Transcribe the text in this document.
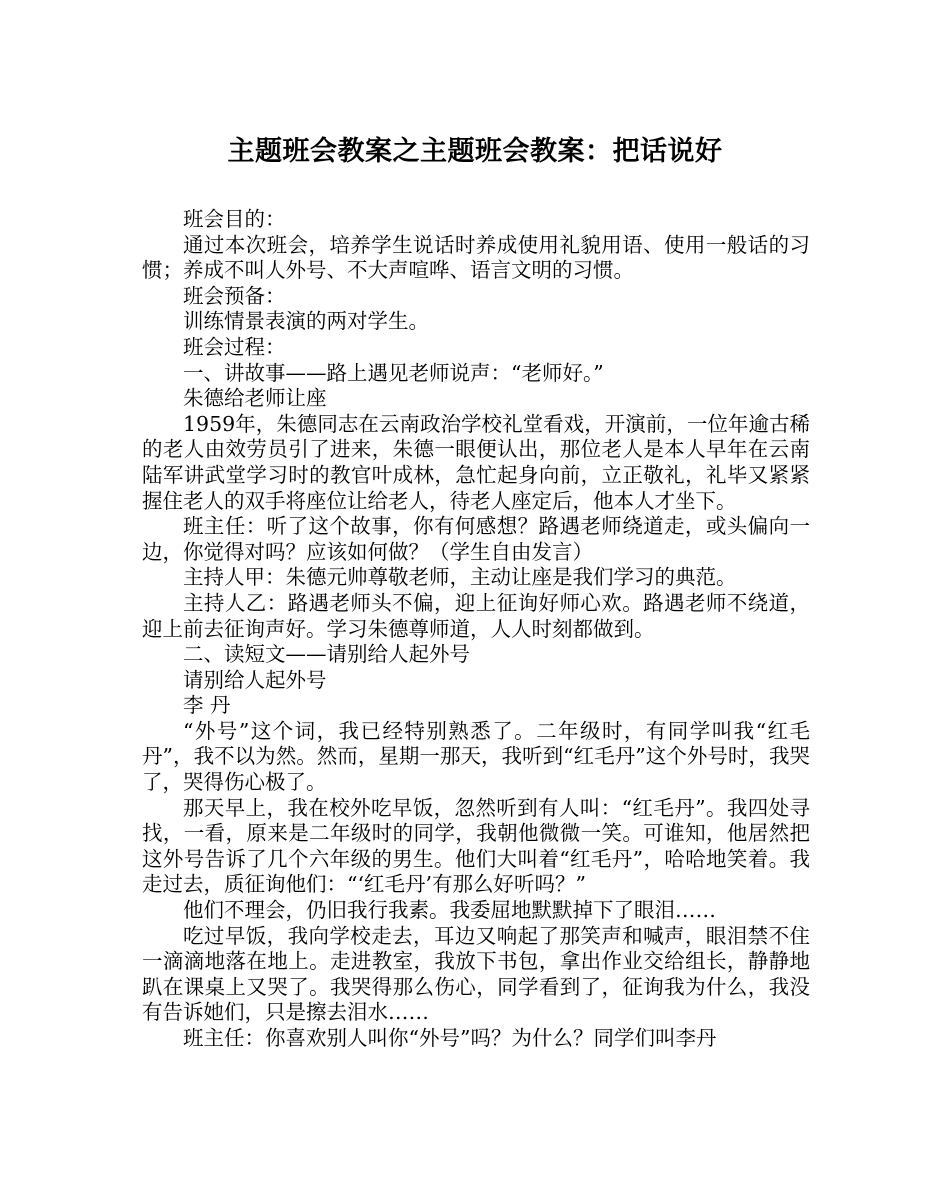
主题班会教案之主题班会教案：把话说好

班会目的：

通过本次班会，培养学生说话时养成使用礼貌用语、使用一般话的习惯；养成不叫人外号、不大声喧哗、语言文明的习惯。

班会预备：

训练情景表演的两对学生。

班会过程：

一、讲故事——路上遇见老师说声：“老师好。”

朱德给老师让座

1959年，朱德同志在云南政治学校礼堂看戏，开演前，一位年逾古稀的老人由效劳员引了进来，朱德一眼便认出，那位老人是本人早年在云南陆军讲武堂学习时的教官叶成林，急忙起身向前，立正敬礼，礼毕又紧紧握住老人的双手将座位让给老人，待老人座定后，他本人才坐下。

班主任：听了这个故事，你有何感想？路遇老师绕道走，或头偏向一边，你觉得对吗？应该如何做？（学生自由发言）

主持人甲：朱德元帅尊敬老师，主动让座是我们学习的典范。

主持人乙：路遇老师头不偏，迎上征询好师心欢。路遇老师不绕道，迎上前去征询声好。学习朱德尊师道，人人时刻都做到。

二、读短文——请别给人起外号

请别给人起外号

李 丹

“外号”这个词，我已经特别熟悉了。二年级时，有同学叫我“红毛丹”，我不以为然。然而，星期一那天，我听到“红毛丹”这个外号时，我哭了，哭得伤心极了。

那天早上，我在校外吃早饭，忽然听到有人叫：“红毛丹”。我四处寻找，一看，原来是二年级时的同学，我朝他微微一笑。可谁知，他居然把这外号告诉了几个六年级的男生。他们大叫着“红毛丹”，哈哈地笑着。我走过去，质征询他们：“‘红毛丹’有那么好听吗？”

他们不理会，仍旧我行我素。我委屈地默默掉下了眼泪……

吃过早饭，我向学校走去，耳边又响起了那笑声和喊声，眼泪禁不住一滴滴地落在地上。走进教室，我放下书包，拿出作业交给组长，静静地趴在课桌上又哭了。我哭得那么伤心，同学看到了，征询我为什么，我没有告诉她们，只是擦去泪水……

班主任：你喜欢别人叫你“外号”吗？为什么？同学们叫李丹
